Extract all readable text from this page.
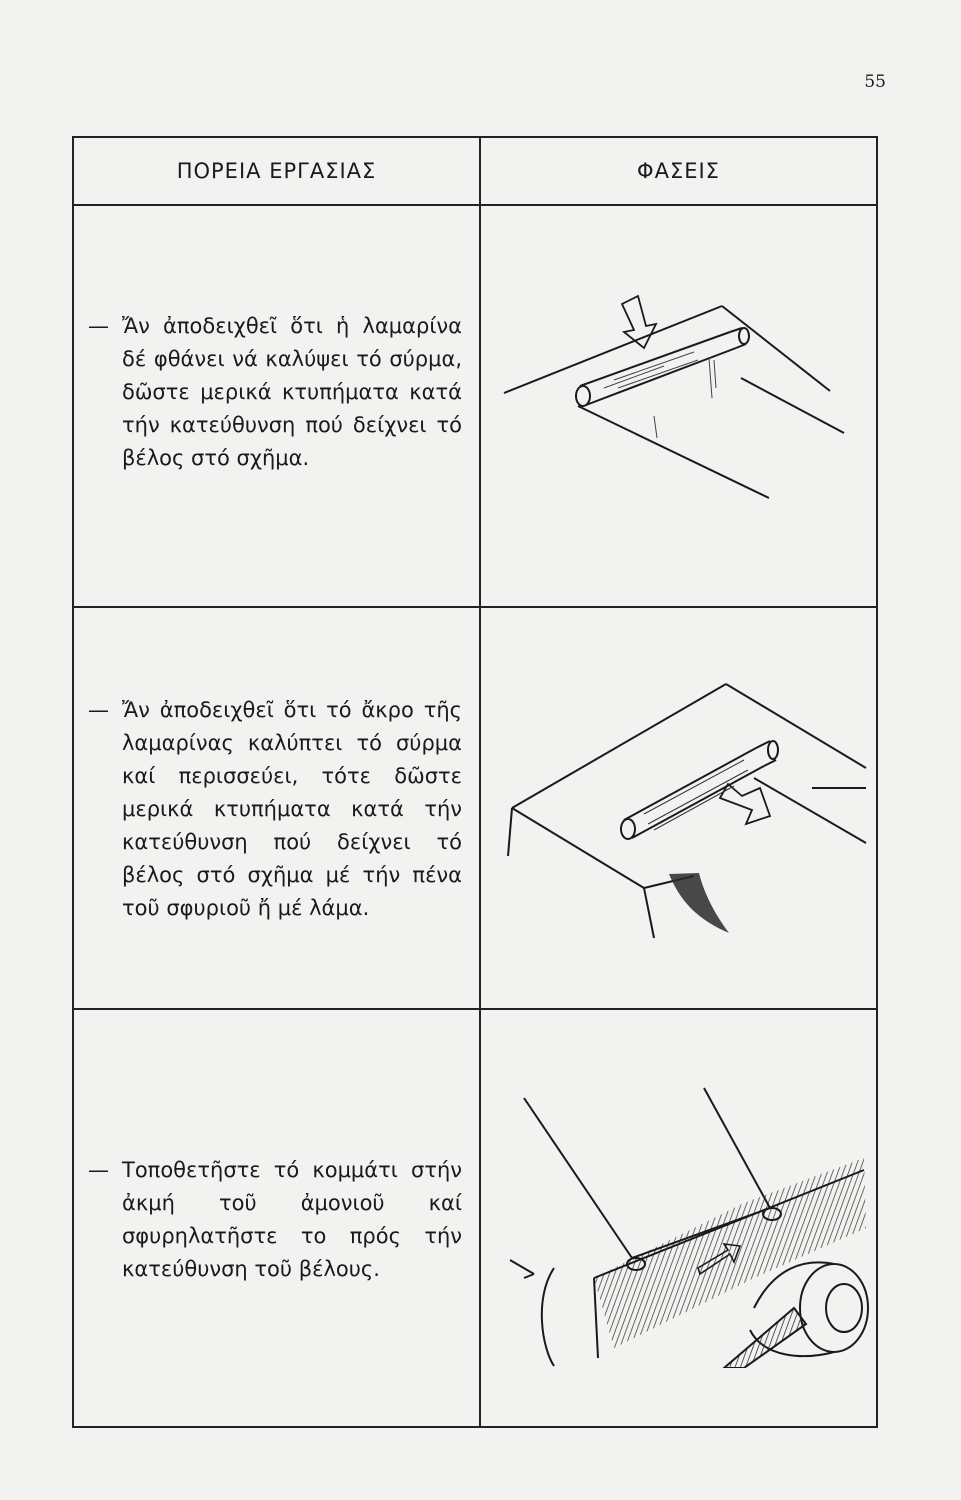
55
ΠΟΡΕΙΑ ΕΡΓΑΣΙΑΣ	ΦΑΣΕΙΣ
— Ἄν ἀποδειχθεῖ ὅτι ἡ λαμαρίνα δέ φθάνει νά καλύψει τό σύρμα, δῶστε μερικά κτυπήματα κατά τήν κατεύθυνση πού δείχνει τό βέλος στό σχῆμα.
— Ἄν ἀποδειχθεῖ ὅτι τό ἄκρο τῆς λαμαρίνας καλύπτει τό σύρμα καί περισσεύει, τότε δῶστε μερικά κτυπήματα κατά τήν κατεύθυνση πού δείχνει τό βέλος στό σχῆμα μέ τήν πένα τοῦ σφυριοῦ ἤ μέ λάμα.
— Τοποθετῆστε τό κομμάτι στήν ἀκμή τοῦ ἀμονιοῦ καί σφυρηλατῆστε το πρός τήν κατεύθυνση τοῦ βέλους.
